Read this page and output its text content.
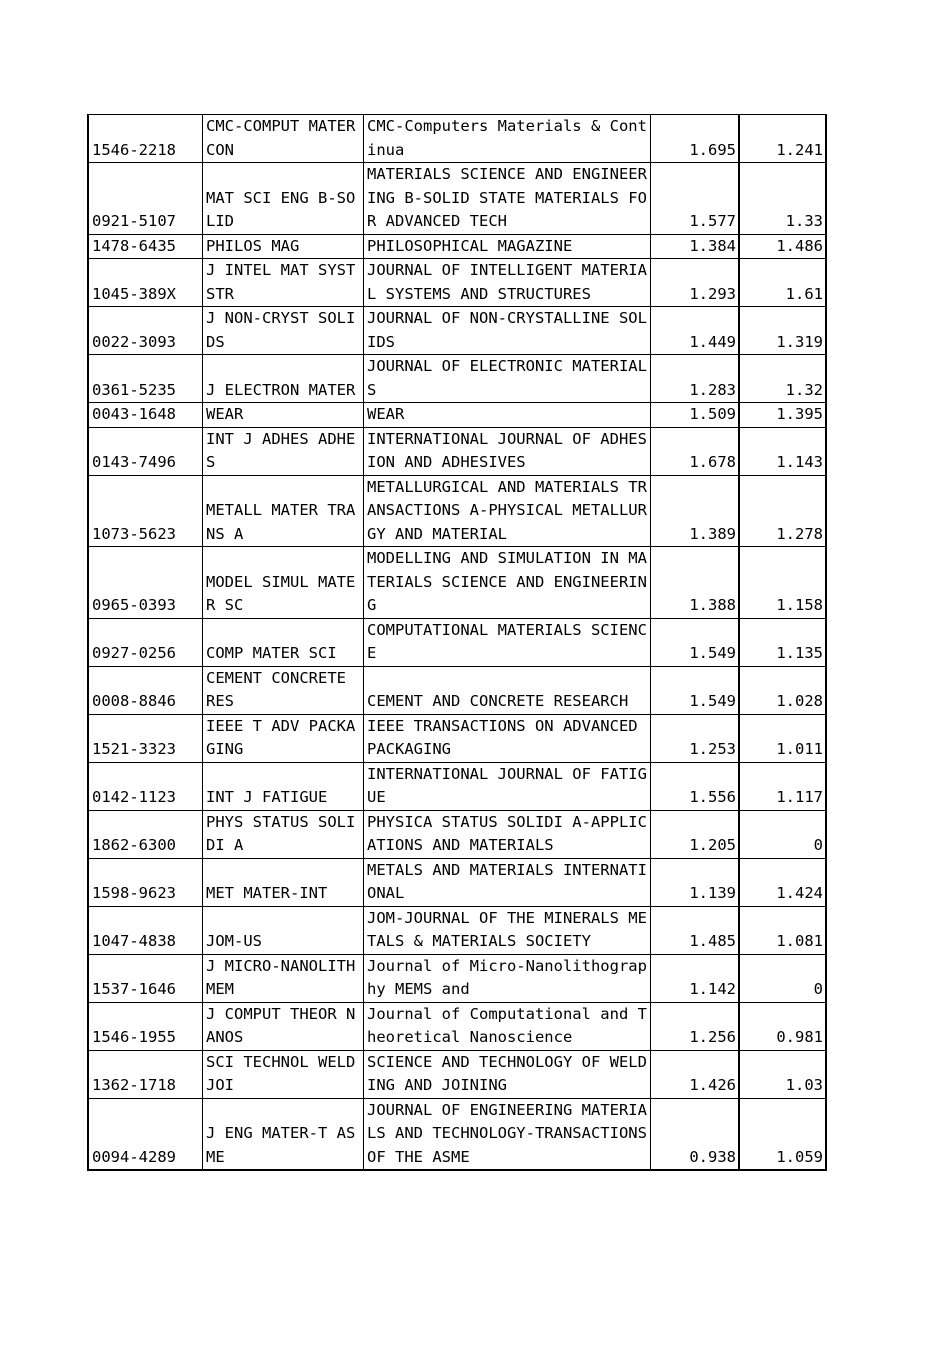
1546-2218	CMC-COMPUT MATER CON	CMC-Computers Materials & Continua	1.695	1.241
0921-5107	MAT SCI ENG B-SOLID	MATERIALS SCIENCE AND ENGINEERING B-SOLID STATE MATERIALS FOR ADVANCED TECH	1.577	1.33
1478-6435	PHILOS MAG	PHILOSOPHICAL MAGAZINE	1.384	1.486
1045-389X	J INTEL MAT SYST STR	JOURNAL OF INTELLIGENT MATERIAL SYSTEMS AND STRUCTURES	1.293	1.61
0022-3093	J NON-CRYST SOLIDS	JOURNAL OF NON-CRYSTALLINE SOLIDS	1.449	1.319
0361-5235	J ELECTRON MATER	JOURNAL OF ELECTRONIC MATERIALS	1.283	1.32
0043-1648	WEAR	WEAR	1.509	1.395
0143-7496	INT J ADHES ADHES	INTERNATIONAL JOURNAL OF ADHESION AND ADHESIVES	1.678	1.143
1073-5623	METALL MATER TRANS A	METALLURGICAL AND MATERIALS TRANSACTIONS A-PHYSICAL METALLURGY AND MATERIAL	1.389	1.278
0965-0393	MODEL SIMUL MATER SC	MODELLING AND SIMULATION IN MATERIALS SCIENCE AND ENGINEERING	1.388	1.158
0927-0256	COMP MATER SCI	COMPUTATIONAL MATERIALS SCIENCE	1.549	1.135
0008-8846	CEMENT CONCRETE RES	CEMENT AND CONCRETE RESEARCH	1.549	1.028
1521-3323	IEEE T ADV PACKAGING	IEEE TRANSACTIONS ON ADVANCED PACKAGING	1.253	1.011
0142-1123	INT J FATIGUE	INTERNATIONAL JOURNAL OF FATIGUE	1.556	1.117
1862-6300	PHYS STATUS SOLIDI A	PHYSICA STATUS SOLIDI A-APPLICATIONS AND MATERIALS	1.205	0
1598-9623	MET MATER-INT	METALS AND MATERIALS INTERNATIONAL	1.139	1.424
1047-4838	JOM-US	JOM-JOURNAL OF THE MINERALS METALS & MATERIALS SOCIETY	1.485	1.081
1537-1646	J MICRO-NANOLITH MEM	Journal of Micro-Nanolithography MEMS and	1.142	0
1546-1955	J COMPUT THEOR NANOS	Journal of Computational and Theoretical Nanoscience	1.256	0.981
1362-1718	SCI TECHNOL WELD JOI	SCIENCE AND TECHNOLOGY OF WELDING AND JOINING	1.426	1.03
0094-4289	J ENG MATER-T ASME	JOURNAL OF ENGINEERING MATERIALS AND TECHNOLOGY-TRANSACTIONS OF THE ASME	0.938	1.059
